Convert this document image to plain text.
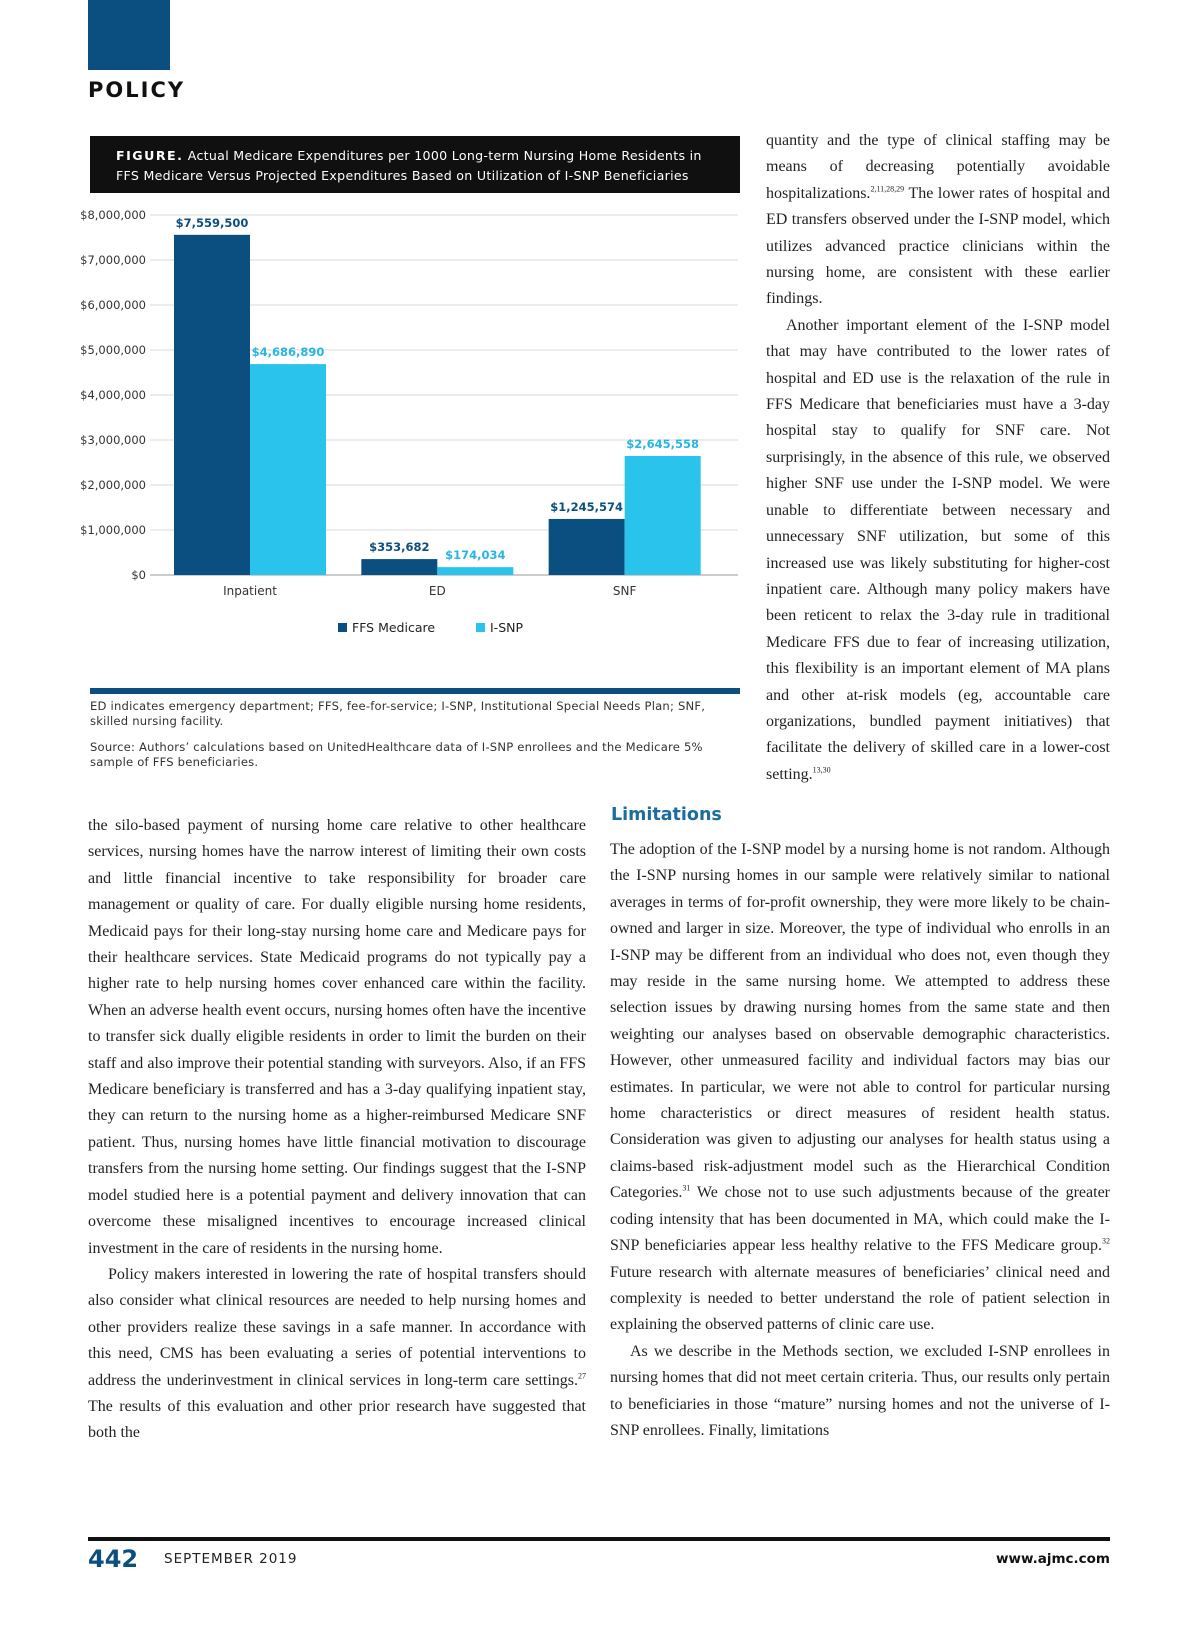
POLICY
FIGURE. Actual Medicare Expenditures per 1000 Long-term Nursing Home Residents in FFS Medicare Versus Projected Expenditures Based on Utilization of I-SNP Beneficiaries
$0
$1,000,000
$2,000,000
$3,000,000
$4,000,000
$5,000,000
$6,000,000
$7,000,000
$8,000,000
$7,559,500
$4,686,890
Inpatient
$353,682
$174,034
ED
$1,245,574
$2,645,558
SNF
FFS Medicare	I-SNP
ED indicates emergency department; FFS, fee-for-service; I-SNP, Institutional Special Needs Plan; SNF, skilled nursing facility.
Source: Authors’ calculations based on UnitedHealthcare data of I-SNP enrollees and the Medicare 5% sample of FFS beneficiaries.

quantity and the type of clinical staffing may be means of decreasing potentially avoidable hospitalizations.$^{2,11,28,29}$ The lower rates of hospital and ED transfers observed under the I-SNP model, which utilizes advanced practice clinicians within the nursing home, are consistent with these earlier findings.

Another important element of the I-SNP model that may have contributed to the lower rates of hospital and ED use is the relaxation of the rule in FFS Medicare that beneficiaries must have a 3-day hospital stay to qualify for SNF care. Not surprisingly, in the absence of this rule, we observed higher SNF use under the I-SNP model. We were unable to differentiate between necessary and unnecessary SNF utilization, but some of this increased use was likely substituting for higher-cost inpatient care. Although many policy makers have been reticent to relax the 3-day rule in traditional Medicare FFS due to fear of increasing utilization, this flexibility is an important element of MA plans and other at-risk models (eg, accountable care organizations, bundled payment initiatives) that facilitate the delivery of skilled care in a lower-cost setting.$^{13,30}$

the silo-based payment of nursing home care relative to other healthcare services, nursing homes have the narrow interest of limiting their own costs and little financial incentive to take responsibility for broader care management or quality of care. For dually eligible nursing home residents, Medicaid pays for their long-stay nursing home care and Medicare pays for their healthcare services. State Medicaid programs do not typically pay a higher rate to help nursing homes cover enhanced care within the facility. When an adverse health event occurs, nursing homes often have the incentive to transfer sick dually eligible residents in order to limit the burden on their staff and also improve their potential standing with surveyors. Also, if an FFS Medicare beneficiary is transferred and has a 3-day qualifying inpatient stay, they can return to the nursing home as a higher-reimbursed Medicare SNF patient. Thus, nursing homes have little financial motivation to discourage transfers from the nursing home setting. Our findings suggest that the I-SNP model studied here is a potential payment and delivery innovation that can overcome these misaligned incentives to encourage increased clinical investment in the care of residents in the nursing home.

Policy makers interested in lowering the rate of hospital transfers should also consider what clinical resources are needed to help nursing homes and other providers realize these savings in a safe manner. In accordance with this need, CMS has been evaluating a series of potential interventions to address the underinvestment in clinical services in long-term care settings.$^{27}$ The results of this evaluation and other prior research have suggested that both the

Limitations

The adoption of the I-SNP model by a nursing home is not random. Although the I-SNP nursing homes in our sample were relatively similar to national averages in terms of for-profit ownership, they were more likely to be chain-owned and larger in size. Moreover, the type of individual who enrolls in an I-SNP may be different from an individual who does not, even though they may reside in the same nursing home. We attempted to address these selection issues by drawing nursing homes from the same state and then weighting our analyses based on observable demographic characteristics. However, other unmeasured facility and individual factors may bias our estimates. In particular, we were not able to control for particular nursing home characteristics or direct measures of resident health status. Consideration was given to adjusting our analyses for health status using a claims-based risk-adjustment model such as the Hierarchical Condition Categories.$^{31}$ We chose not to use such adjustments because of the greater coding intensity that has been documented in MA, which could make the I-SNP beneficiaries appear less healthy relative to the FFS Medicare group.$^{32}$ Future research with alternate measures of beneficiaries’ clinical need and complexity is needed to better understand the role of patient selection in explaining the observed patterns of clinic care use.

As we describe in the Methods section, we excluded I-SNP enrollees in nursing homes that did not meet certain criteria. Thus, our results only pertain to beneficiaries in those “mature” nursing homes and not the universe of I-SNP enrollees. Finally, limitations

442 SEPTEMBER 2019	www.ajmc.com
